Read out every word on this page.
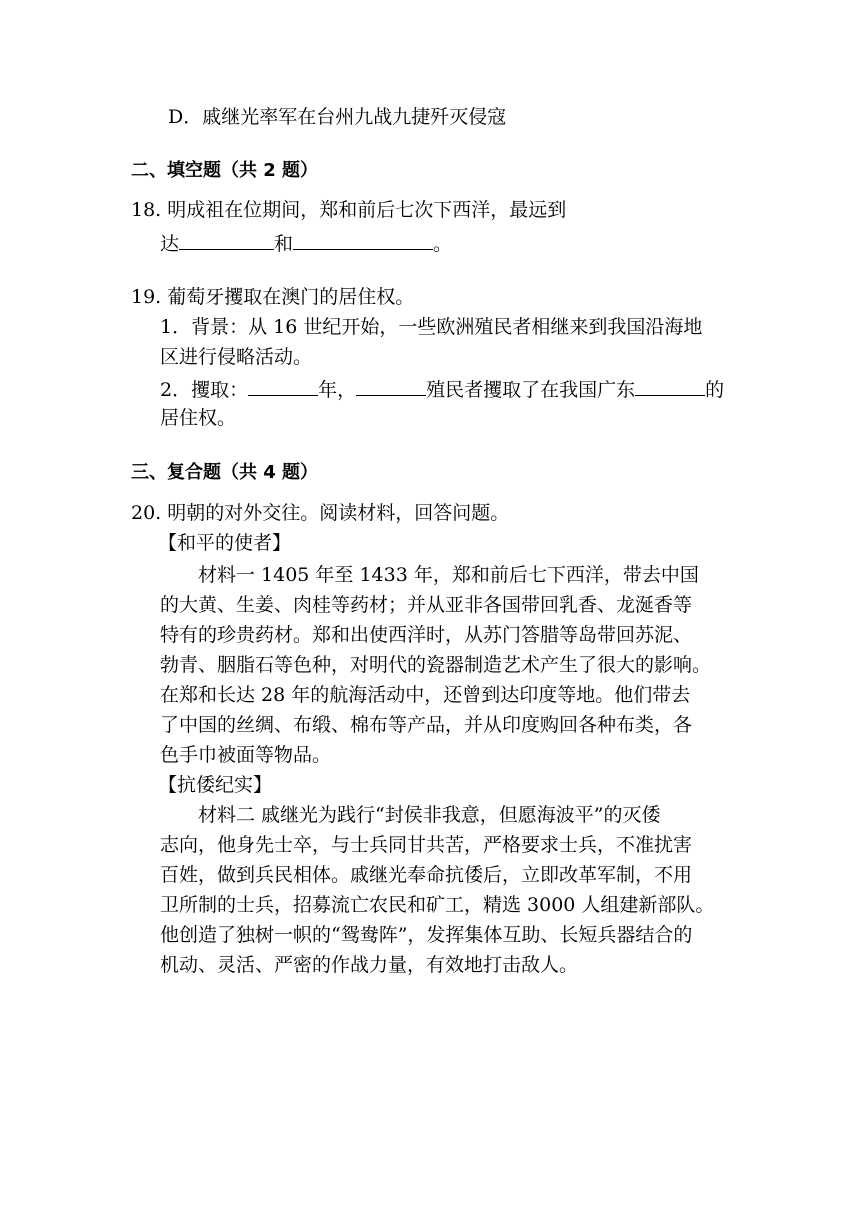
D．戚继光率军在台州九战九捷歼灭侵寇
二、填空题（共 2 题）
18. 明成祖在位期间，郑和前后七次下西洋，最远到
达	和	。
19. 葡萄牙攫取在澳门的居住权。
1．背景：从 16 世纪开始，一些欧洲殖民者相继来到我国沿海地
区进行侵略活动。
2．攫取：	年，	殖民者攫取了在我国广东	的
居住权。
三、复合题（共 4 题）
20. 明朝的对外交往。阅读材料，回答问题。
【和平的使者】
材料一 1405 年至 1433 年，郑和前后七下西洋，带去中国
的大黄、生姜、肉桂等药材；并从亚非各国带回乳香、龙涎香等
特有的珍贵药材。郑和出使西洋时，从苏门答腊等岛带回苏泥、
勃青、胭脂石等色种，对明代的瓷器制造艺术产生了很大的影响。
在郑和长达 28 年的航海活动中，还曾到达印度等地。他们带去
了中国的丝绸、布缎、棉布等产品，并从印度购回各种布类，各
色手巾被面等物品。
【抗倭纪实】
材料二 戚继光为践行“封侯非我意，但愿海波平”的灭倭
志向，他身先士卒，与士兵同甘共苦，严格要求士兵，不准扰害
百姓，做到兵民相体。戚继光奉命抗倭后，立即改革军制，不用
卫所制的士兵，招募流亡农民和矿工，精选 3000 人组建新部队。
他创造了独树一帜的“鸳鸯阵”，发挥集体互助、长短兵器结合的
机动、灵活、严密的作战力量，有效地打击敌人。
